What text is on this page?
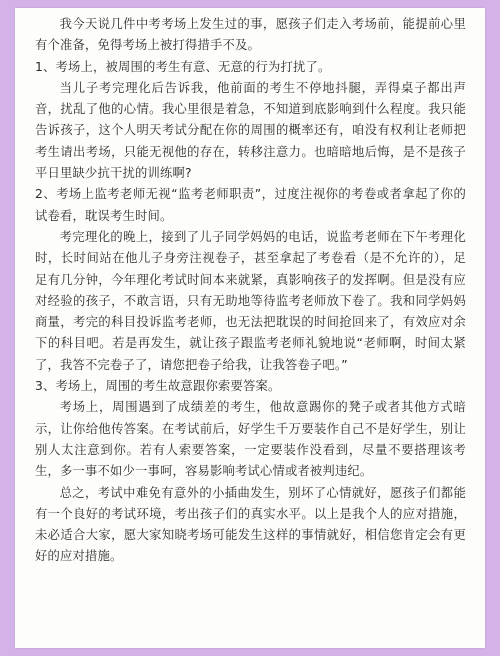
我今天说几件中考考场上发生过的事，愿孩子们走入考场前，能提前心里有个准备，免得考场上被打得措手不及。

1、考场上，被周围的考生有意、无意的行为打扰了。

当儿子考完理化后告诉我，他前面的考生不停地抖腿，弄得桌子都出声音，扰乱了他的心情。我心里很是着急，不知道到底影响到什么程度。我只能告诉孩子，这个人明天考试分配在你的周围的概率还有，咱没有权利让老师把考生请出考场，只能无视他的存在，转移注意力。也暗暗地后悔，是不是孩子平日里缺少抗干扰的训练啊?

2、考场上监考老师无视“监考老师职责”，过度注视你的考卷或者拿起了你的试卷看，耽误考生时间。

考完理化的晚上，接到了儿子同学妈妈的电话，说监考老师在下午考理化时，长时间站在他儿子身旁注视卷子，甚至拿起了考卷看（是不允许的），足足有几分钟，今年理化考试时间本来就紧，真影响孩子的发挥啊。但是没有应对经验的孩子，不敢言语，只有无助地等待监考老师放下卷了。我和同学妈妈商量，考完的科目投诉监考老师，也无法把耽误的时间抢回来了，有效应对余下的科目吧。若是再发生，就让孩子跟监考老师礼貌地说“老师啊，时间太紧了，我答不完卷子了，请您把卷子给我，让我答卷子吧。”

3、考场上，周围的考生故意跟你索要答案。

考场上，周围遇到了成绩差的考生，他故意踢你的凳子或者其他方式暗示，让你给他传答案。在考试前后，好学生千万要装作自己不是好学生，别让别人太注意到你。若有人索要答案，一定要装作没看到，尽量不要搭理该考生，多一事不如少一事呵，容易影响考试心情或者被判违纪。

总之，考试中难免有意外的小插曲发生，别坏了心情就好，愿孩子们都能有一个良好的考试环境，考出孩子们的真实水平。以上是我个人的应对措施，未必适合大家，愿大家知晓考场可能发生这样的事情就好，相信您肯定会有更好的应对措施。
